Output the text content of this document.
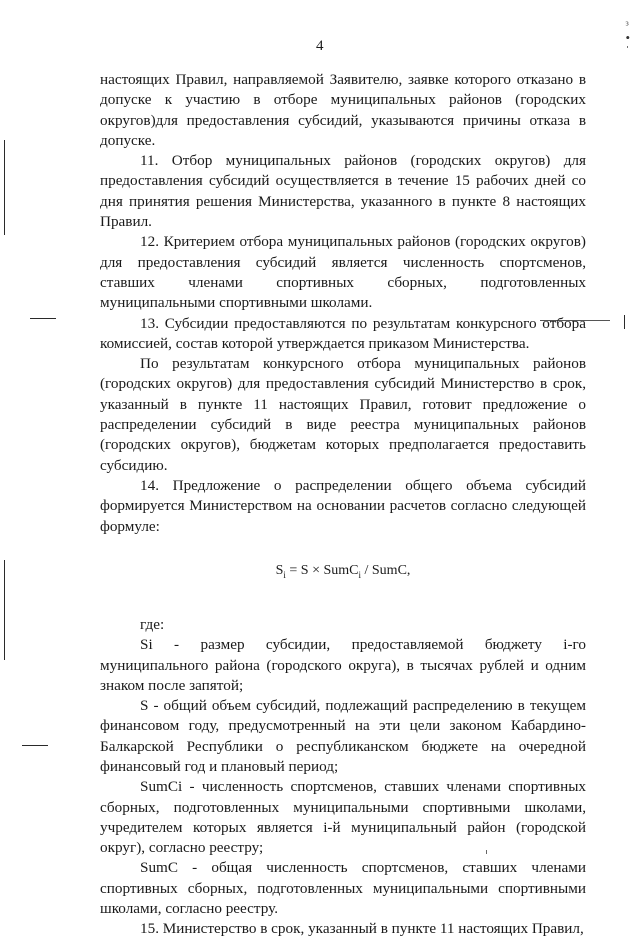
ᵌ
•
ˈ
4

настоящих Правил, направляемой Заявителю, заявке которого отказано в допуске к участию в отборе муниципальных районов (городских округов)для предоставления субсидий, указываются причины отказа в допуске.

11. Отбор муниципальных районов (городских округов) для предоставления субсидий осуществляется в течение 15 рабочих дней со дня принятия решения Министерства, указанного в пункте 8 настоящих Правил.

12. Критерием отбора муниципальных районов (городских округов) для предоставления субсидий является численность спортсменов, ставших членами спортивных сборных, подготовленных муниципальными спортивными школами.

13. Субсидии предоставляются по результатам конкурсного отбора комиссией, состав которой утверждается приказом Министерства.

По результатам конкурсного отбора муниципальных районов (городских округов) для предоставления субсидий Министерство в срок, указанный в пункте 11 настоящих Правил, готовит предложение о распределении субсидий в виде реестра муниципальных районов (городских округов), бюджетам которых предполагается предоставить субсидию.

14. Предложение о распределении общего объема субсидий формируется Министерством на основании расчетов согласно следующей формуле:

$S_i = S$ × SumC$_i$ / SumC,

где:

Si - размер субсидии, предоставляемой бюджету i-го муниципального района (городского округа), в тысячах рублей и одним знаком после запятой;

S - общий объем субсидий, подлежащий распределению в текущем финансовом году, предусмотренный на эти цели законом Кабардино-Балкарской Республики о республиканском бюджете на очередной финансовый год и плановый период;

SumCi - численность спортсменов, ставших членами спортивных сборных, подготовленных муниципальными спортивными школами, учредителем которых является i-й муниципальный район (городской округ), согласно реестру;

SumC - общая численность спортсменов, ставших членами спортивных сборных, подготовленных муниципальными спортивными школами, согласно реестру.

15. Министерство в срок, указанный в пункте 11 настоящих Правил,
